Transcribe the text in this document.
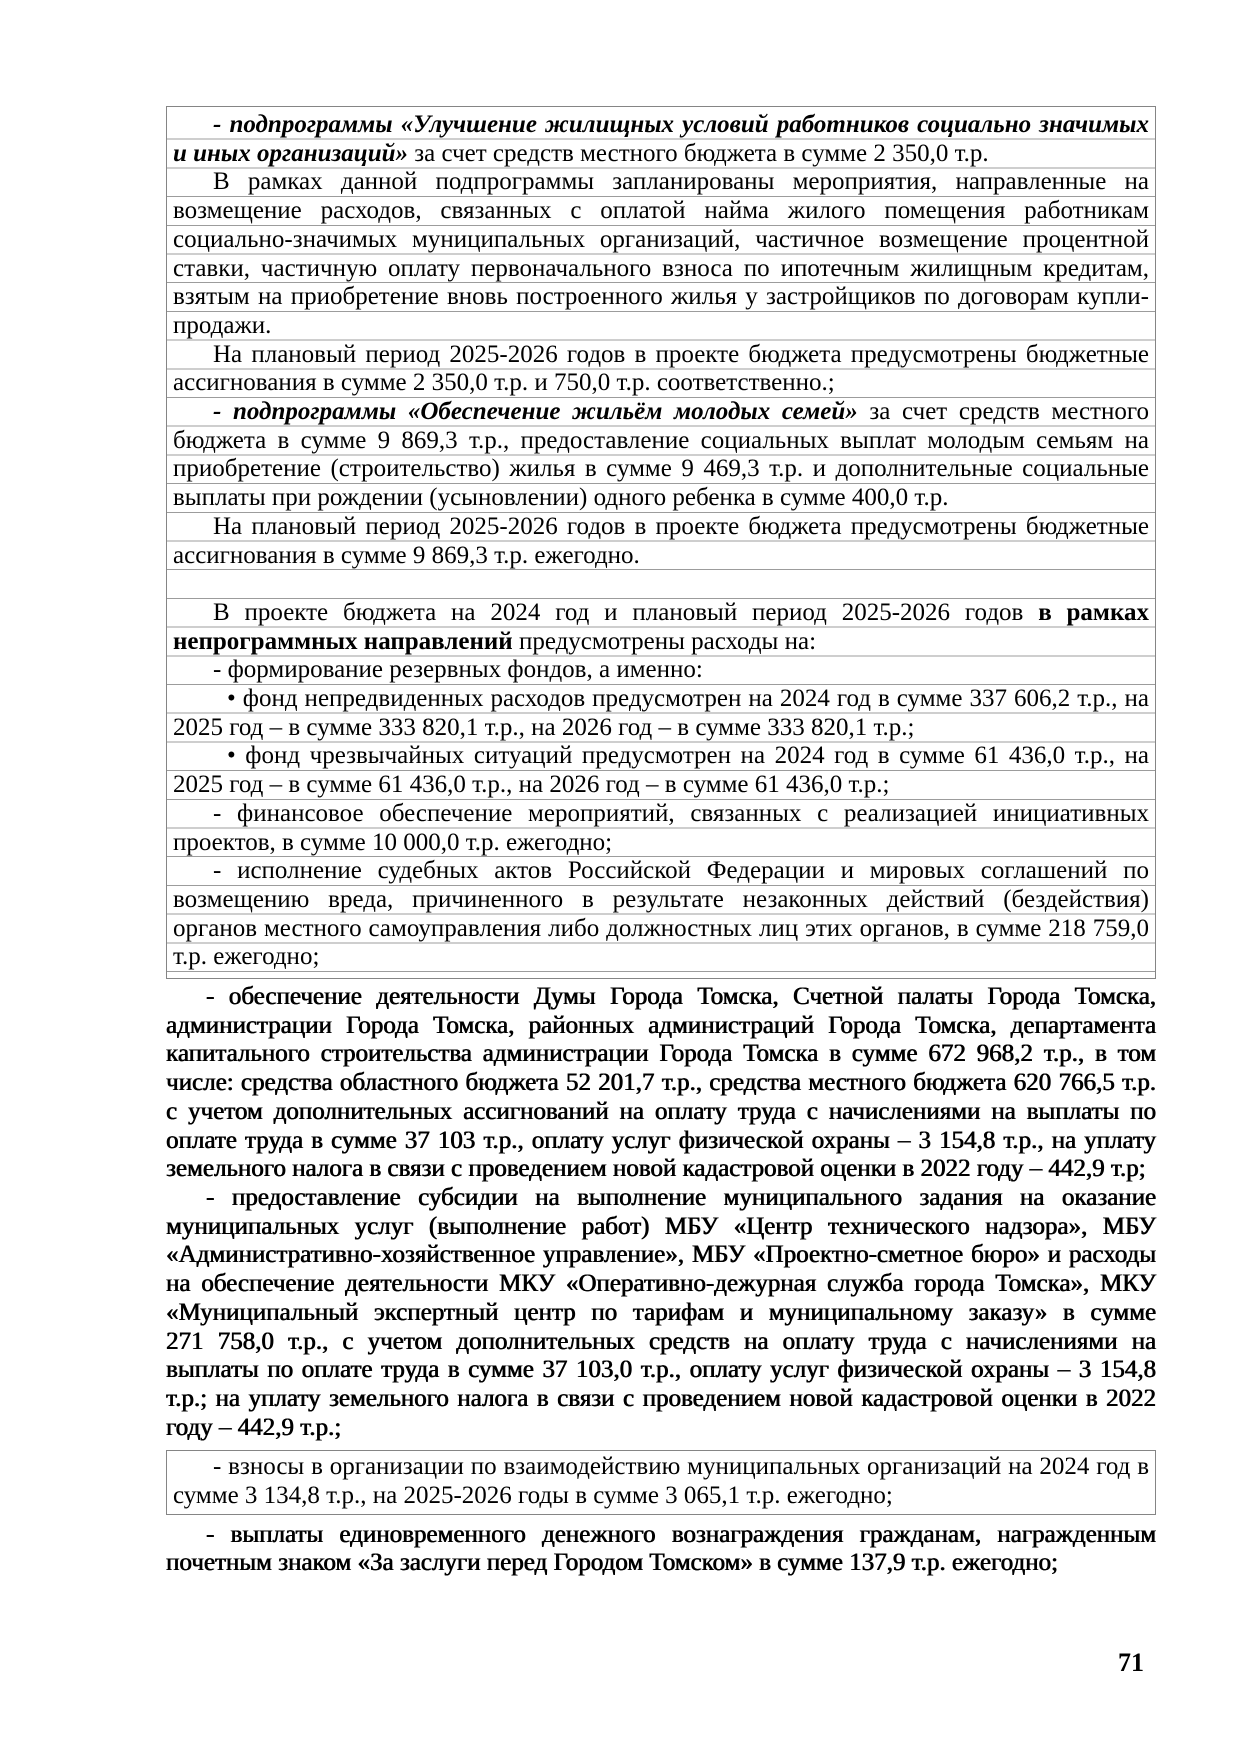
- подпрограммы «Улучшение жилищных условий работников социально значимых и иных организаций» за счет средств местного бюджета в сумме 2 350,0 т.р.

В рамках данной подпрограммы запланированы мероприятия, направленные на возмещение расходов, связанных с оплатой найма жилого помещения работникам социально-значимых муниципальных организаций, частичное возмещение процентной ставки, частичную оплату первоначального взноса по ипотечным жилищным кредитам, взятым на приобретение вновь построенного жилья у застройщиков по договорам купли-продажи.

На плановый период 2025-2026 годов в проекте бюджета предусмотрены бюджетные ассигнования в сумме 2 350,0 т.р. и 750,0 т.р. соответственно.;

- подпрограммы «Обеспечение жильём молодых семей» за счет средств местного бюджета в сумме 9 869,3 т.р., предоставление социальных выплат молодым семьям на приобретение (строительство) жилья в сумме 9 469,3 т.р. и дополнительные социальные выплаты при рождении (усыновлении) одного ребенка в сумме 400,0 т.р.

На плановый период 2025-2026 годов в проекте бюджета предусмотрены бюджетные ассигнования в сумме 9 869,3 т.р. ежегодно.

В проекте бюджета на 2024 год и плановый период 2025-2026 годов в рамках непрограммных направлений предусмотрены расходы на:

- формирование резервных фондов, а именно:

• фонд непредвиденных расходов предусмотрен на 2024 год в сумме 337 606,2 т.р., на 2025 год – в сумме 333 820,1 т.р., на 2026 год – в сумме 333 820,1 т.р.;

• фонд чрезвычайных ситуаций предусмотрен на 2024 год в сумме 61 436,0 т.р., на 2025 год – в сумме 61 436,0 т.р., на 2026 год – в сумме 61 436,0 т.р.;

- финансовое обеспечение мероприятий, связанных с реализацией инициативных проектов, в сумме 10 000,0 т.р. ежегодно;

- исполнение судебных актов Российской Федерации и мировых соглашений по возмещению вреда, причиненного в результате незаконных действий (бездействия) органов местного самоуправления либо должностных лиц этих органов, в сумме 218 759,0 т.р. ежегодно;

- обеспечение деятельности Думы Города Томска, Счетной палаты Города Томска, администрации Города Томска, районных администраций Города Томска, департамента капитального строительства администрации Города Томска в сумме 672 968,2 т.р., в том числе: средства областного бюджета 52 201,7 т.р., средства местного бюджета 620 766,5 т.р. с учетом дополнительных ассигнований на оплату труда с начислениями на выплаты по оплате труда в сумме 37 103 т.р., оплату услуг физической охраны – 3 154,8 т.р., на уплату земельного налога в связи с проведением новой кадастровой оценки в 2022 году – 442,9 т.р;

- предоставление субсидии на выполнение муниципального задания на оказание муниципальных услуг (выполнение работ) МБУ «Центр технического надзора», МБУ «Административно-хозяйственное управление», МБУ «Проектно-сметное бюро» и расходы на обеспечение деятельности МКУ «Оперативно-дежурная служба города Томска», МКУ «Муниципальный экспертный центр по тарифам и муниципальному заказу» в сумме 271 758,0 т.р., с учетом дополнительных средств на оплату труда с начислениями на выплаты по оплате труда в сумме 37 103,0 т.р., оплату услуг физической охраны – 3 154,8 т.р.; на уплату земельного налога в связи с проведением новой кадастровой оценки в 2022 году – 442,9 т.р.;

- взносы в организации по взаимодействию муниципальных организаций на 2024 год в сумме 3 134,8 т.р., на 2025-2026 годы в сумме 3 065,1 т.р. ежегодно;

- выплаты единовременного денежного вознаграждения гражданам, награжденным почетным знаком «За заслуги перед Городом Томском» в сумме 137,9 т.р. ежегодно;

71
